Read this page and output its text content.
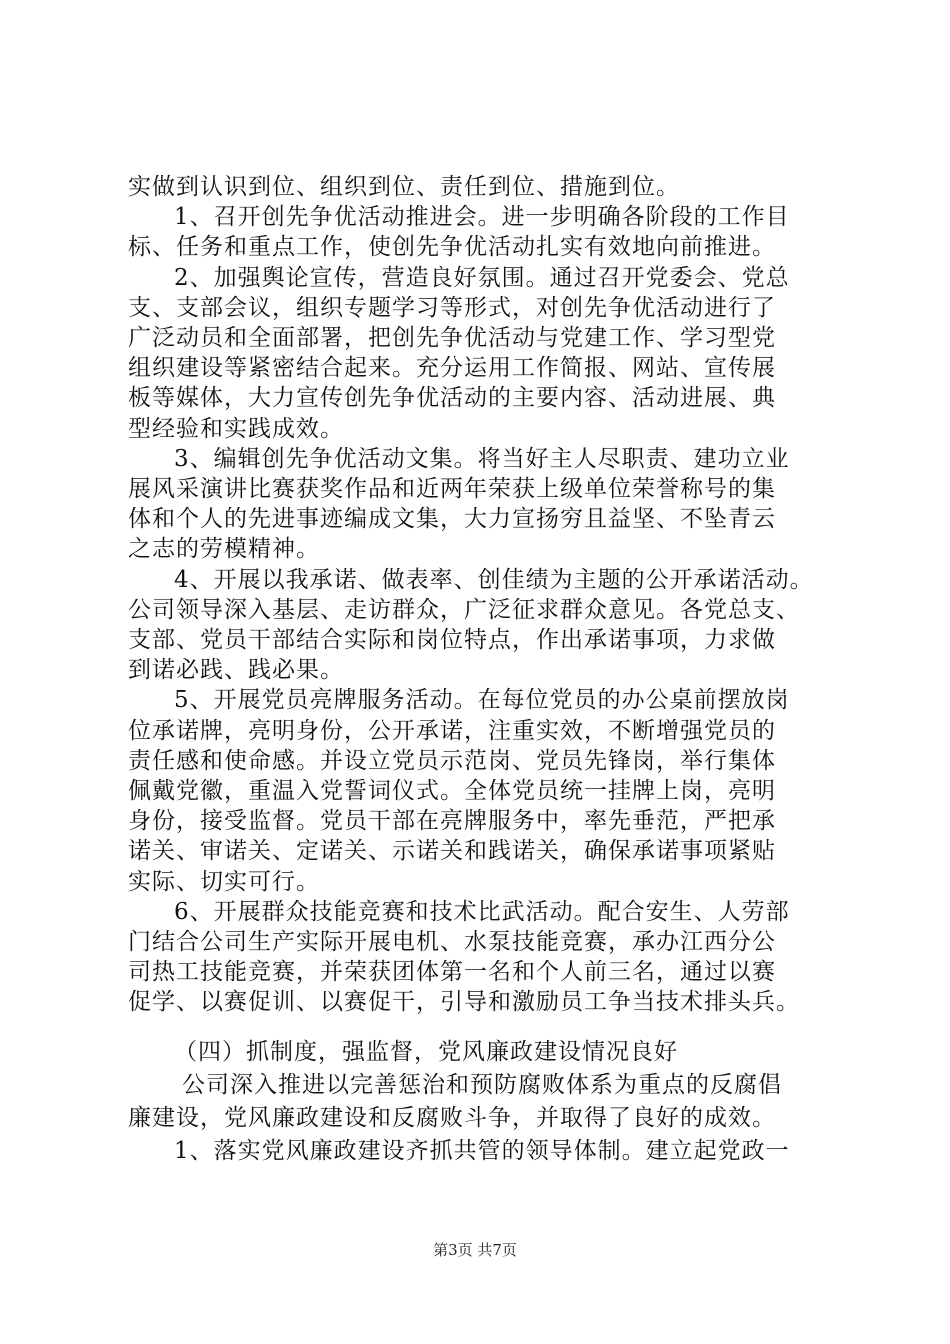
实做到认识到位、组织到位、责任到位、措施到位。
1、召开创先争优活动推进会。进一步明确各阶段的工作目
标、任务和重点工作，使创先争优活动扎实有效地向前推进。
2、加强舆论宣传，营造良好氛围。通过召开党委会、党总
支、支部会议，组织专题学习等形式，对创先争优活动进行了
广泛动员和全面部署，把创先争优活动与党建工作、学习型党
组织建设等紧密结合起来。充分运用工作简报、网站、宣传展
板等媒体，大力宣传创先争优活动的主要内容、活动进展、典
型经验和实践成效。
3、编辑创先争优活动文集。将当好主人尽职责、建功立业
展风采演讲比赛获奖作品和近两年荣获上级单位荣誉称号的集
体和个人的先进事迹编成文集，大力宣扬穷且益坚、不坠青云
之志的劳模精神。
4、开展以我承诺、做表率、创佳绩为主题的公开承诺活动。
公司领导深入基层、走访群众，广泛征求群众意见。各党总支、
支部、党员干部结合实际和岗位特点，作出承诺事项，力求做
到诺必践、践必果。
5、开展党员亮牌服务活动。在每位党员的办公桌前摆放岗
位承诺牌，亮明身份，公开承诺，注重实效，不断增强党员的
责任感和使命感。并设立党员示范岗、党员先锋岗，举行集体
佩戴党徽，重温入党誓词仪式。全体党员统一挂牌上岗，亮明
身份，接受监督。党员干部在亮牌服务中，率先垂范，严把承
诺关、审诺关、定诺关、示诺关和践诺关，确保承诺事项紧贴
实际、切实可行。
6、开展群众技能竞赛和技术比武活动。配合安生、人劳部
门结合公司生产实际开展电机、水泵技能竞赛，承办江西分公
司热工技能竞赛，并荣获团体第一名和个人前三名，通过以赛
促学、以赛促训、以赛促干，引导和激励员工争当技术排头兵。
（四）抓制度，强监督，党风廉政建设情况良好
公司深入推进以完善惩治和预防腐败体系为重点的反腐倡
廉建设，党风廉政建设和反腐败斗争，并取得了良好的成效。
1、落实党风廉政建设齐抓共管的领导体制。建立起党政一
第3页 共7页
